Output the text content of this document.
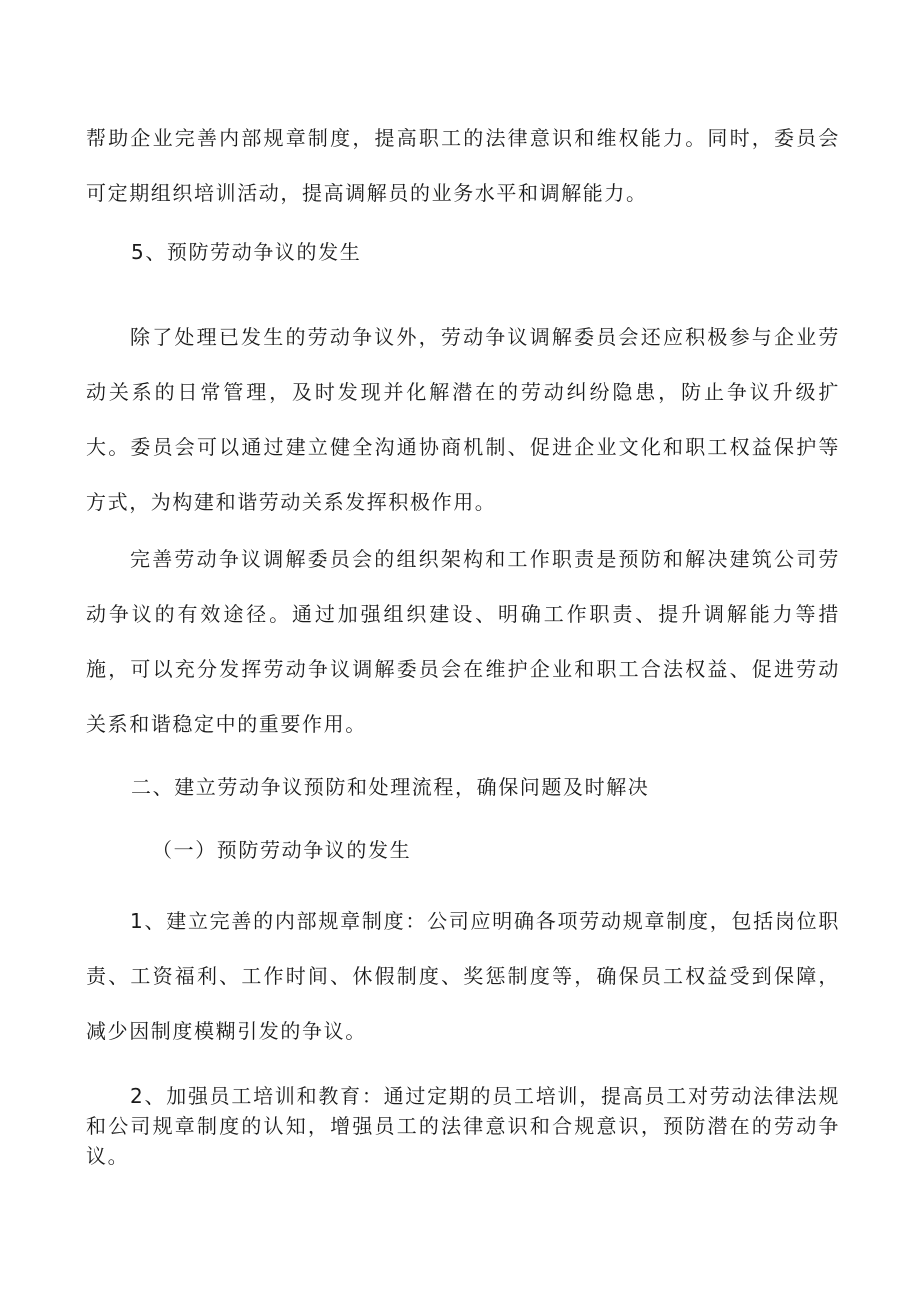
帮助企业完善内部规章制度，提高职工的法律意识和维权能力。同时，委员会可定期组织培训活动，提高调解员的业务水平和调解能力。

5、预防劳动争议的发生

除了处理已发生的劳动争议外，劳动争议调解委员会还应积极参与企业劳动关系的日常管理，及时发现并化解潜在的劳动纠纷隐患，防止争议升级扩大。委员会可以通过建立健全沟通协商机制、促进企业文化和职工权益保护等方式，为构建和谐劳动关系发挥积极作用。

完善劳动争议调解委员会的组织架构和工作职责是预防和解决建筑公司劳动争议的有效途径。通过加强组织建设、明确工作职责、提升调解能力等措施，可以充分发挥劳动争议调解委员会在维护企业和职工合法权益、促进劳动关系和谐稳定中的重要作用。

二、建立劳动争议预防和处理流程，确保问题及时解决

（一）预防劳动争议的发生

1、建立完善的内部规章制度：公司应明确各项劳动规章制度，包括岗位职责、工资福利、工作时间、休假制度、奖惩制度等，确保员工权益受到保障，减少因制度模糊引发的争议。

2、加强员工培训和教育：通过定期的员工培训，提高员工对劳动法律法规和公司规章制度的认知，增强员工的法律意识和合规意识，预防潜在的劳动争议。
